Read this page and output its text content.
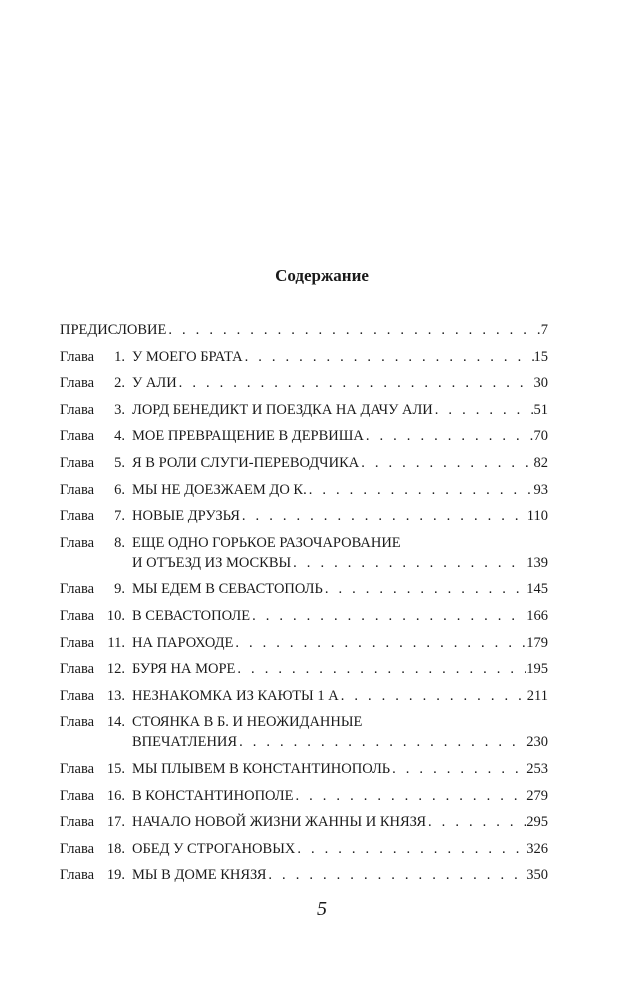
Содержание
ПРЕДИСЛОВИЕ . . .	7
Глава	1. У МОЕГО БРАТА . . .	15
Глава	2. У АЛИ . . .	30
Глава	3. ЛОРД БЕНЕДИКТ И ПОЕЗДКА НА ДАЧУ АЛИ . . .	51
Глава	4. МОЕ ПРЕВРАЩЕНИЕ В ДЕРВИША . . .	70
Глава	5. Я В РОЛИ СЛУГИ-ПЕРЕВОДЧИКА . . .	82
Глава	6. МЫ НЕ ДОЕЗЖАЕМ ДО К. . . .	93
Глава	7. НОВЫЕ ДРУЗЬЯ . . .	110
Глава	8. ЕЩЕ ОДНО ГОРЬКОЕ РАЗОЧАРОВАНИЕ
И ОТЪЕЗД ИЗ МОСКВЫ . . .	139
Глава	9. МЫ ЕДЕМ В СЕВАСТОПОЛЬ . . .	145
Глава 10. В СЕВАСТОПОЛЕ . . .	166
Глава 11. НА ПАРОХОДЕ . . .	179
Глава 12. БУРЯ НА МОРЕ . . .	195
Глава 13. НЕЗНАКОМКА ИЗ КАЮТЫ 1 А . . .	211
Глава 14. СТОЯНКА В Б. И НЕОЖИДАННЫЕ
ВПЕЧАТЛЕНИЯ . . .	230
Глава 15. МЫ ПЛЫВЕМ В КОНСТАНТИНОПОЛЬ . . .	253
Глава 16. В КОНСТАНТИНОПОЛЕ . . .	279
Глава 17. НАЧАЛО НОВОЙ ЖИЗНИ ЖАННЫ И КНЯЗЯ . . .	295
Глава 18. ОБЕД У СТРОГАНОВЫХ . . .	326
Глава 19. МЫ В ДОМЕ КНЯЗЯ . . .	350
5
